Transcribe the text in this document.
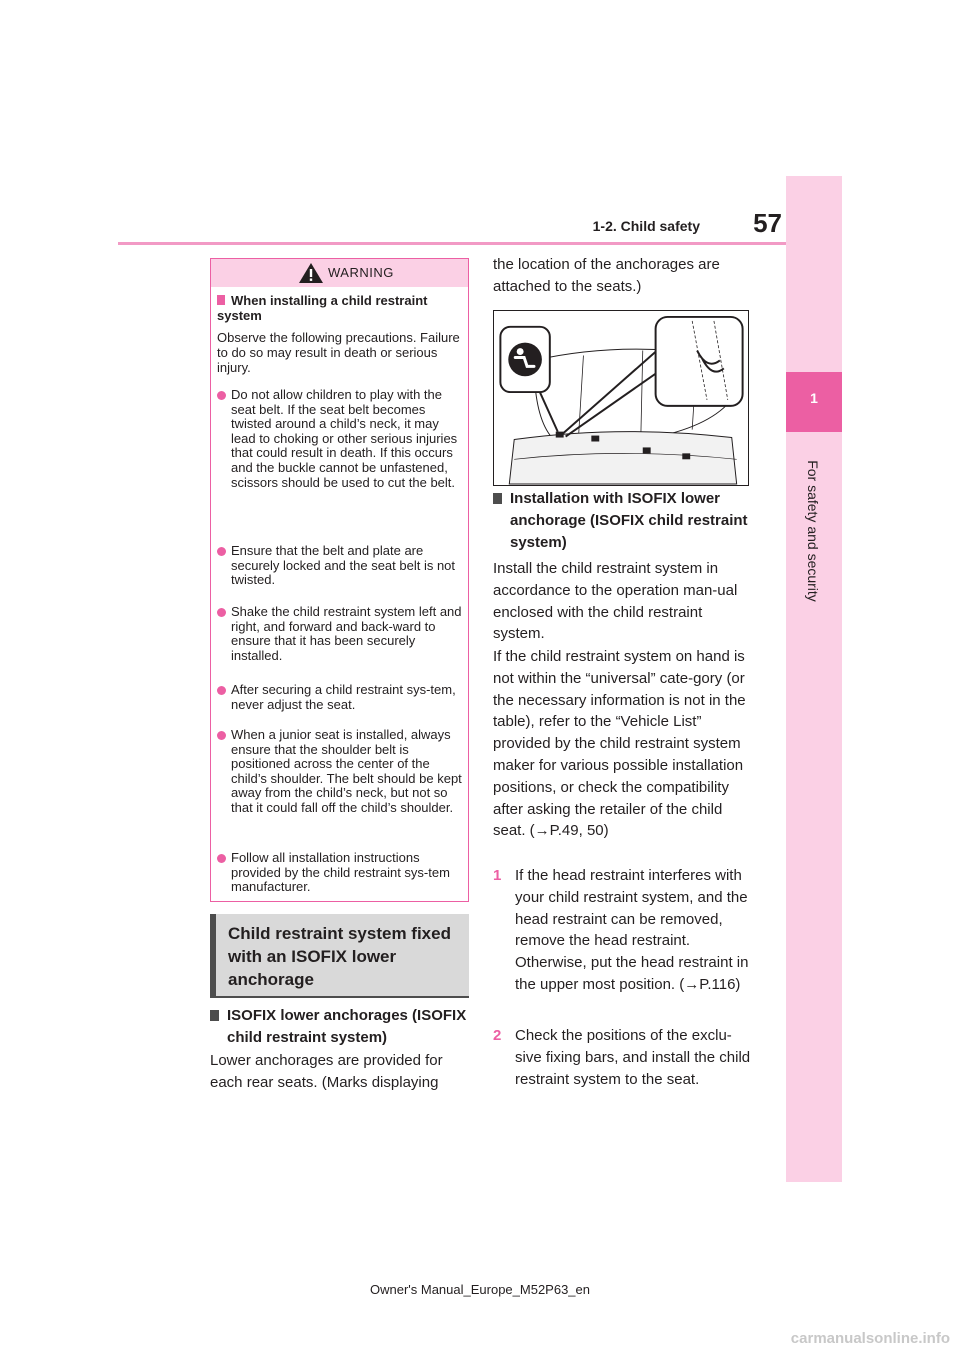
1-2. Child safety	57
1
For safety and security
WARNING
When installing a child restraint system
Observe the following precautions. Failure to do so may result in death or serious injury.
Do not allow children to play with the seat belt. If the seat belt becomes twisted around a child’s neck, it may lead to choking or other serious injuries that could result in death. If this occurs and the buckle cannot be unfastened, scissors should be used to cut the belt.
Ensure that the belt and plate are securely locked and the seat belt is not twisted.
Shake the child restraint system left and right, and forward and back-ward to ensure that it has been securely installed.
After securing a child restraint sys-tem, never adjust the seat.
When a junior seat is installed, always ensure that the shoulder belt is positioned across the center of the child’s shoulder. The belt should be kept away from the child’s neck, but not so that it could fall off the child’s shoulder.
Follow all installation instructions provided by the child restraint sys-tem manufacturer.
Child restraint system fixed with an ISOFIX lower anchorage
ISOFIX lower anchorages (ISOFIX child restraint system)
Lower anchorages are provided for each rear seats. (Marks displaying
the location of the anchorages are attached to the seats.)
Installation with ISOFIX lower anchorage (ISOFIX child restraint system)
Install the child restraint system in accordance to the operation man-ual enclosed with the child restraint system.
If the child restraint system on hand is not within the “universal” cate-gory (or the necessary information is not in the table), refer to the “Vehicle List” provided by the child restraint system maker for various possible installation positions, or check the compatibility after asking the retailer of the child seat. (→P.49, 50)
1 If the head restraint interferes with your child restraint system, and the head restraint can be removed, remove the head restraint. Otherwise, put the head restraint in the upper most position. (→P.116)
2 Check the positions of the exclu-sive fixing bars, and install the child restraint system to the seat.
Owner's Manual_Europe_M52P63_en
carmanualsonline.info
